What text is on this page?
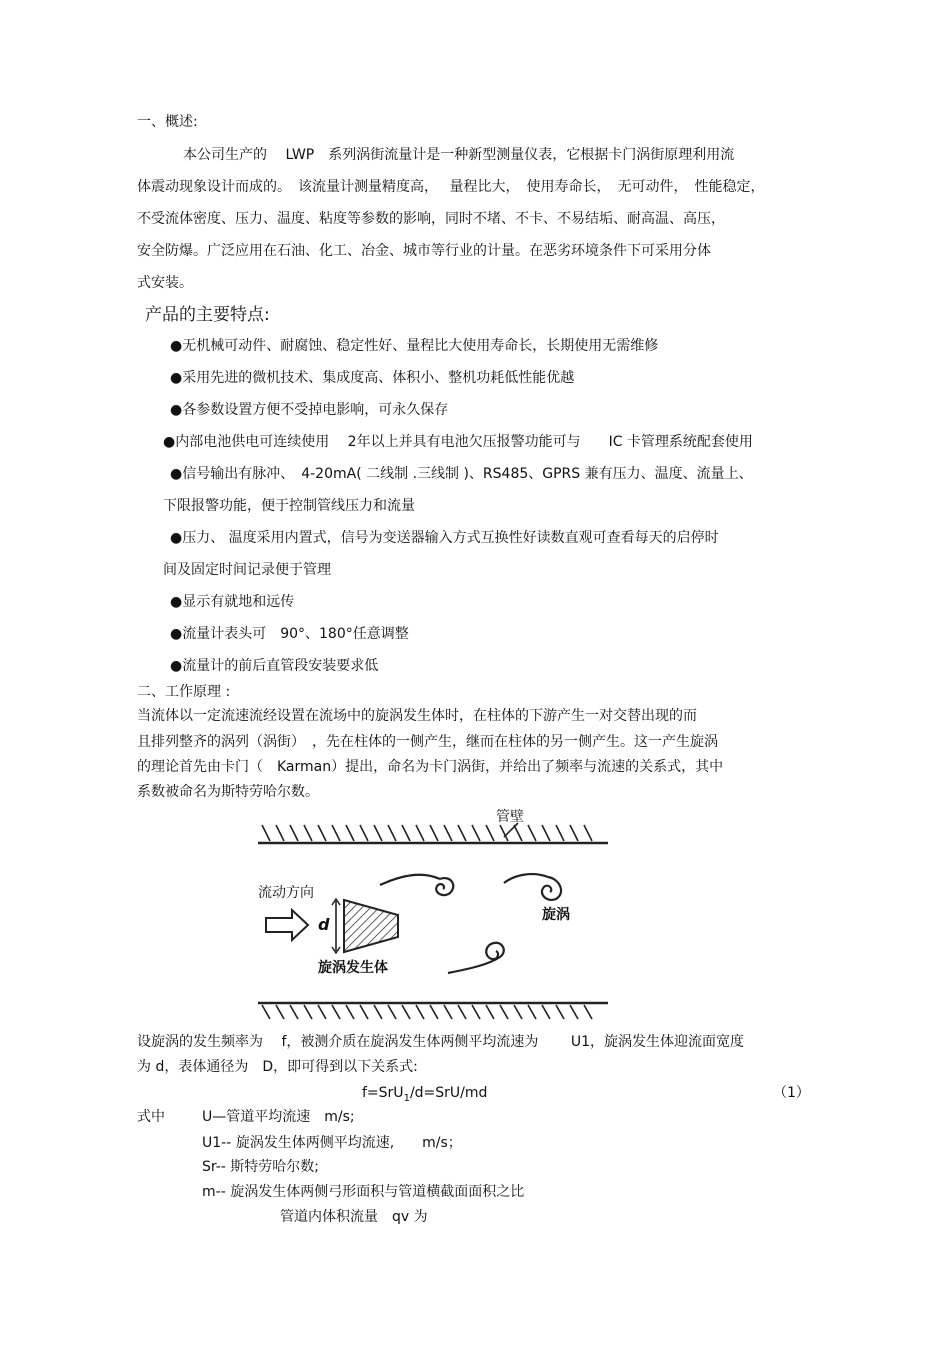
一、概述:
本公司生产的　 LWP　系列涡街流量计是一种新型测量仪表，它根据卡门涡街原理利用流
体震动现象设计而成的。　该流量计测量精度高，　 量程比大，　使用寿命长，　无可动件，　性能稳定，
不受流体密度、压力、温度、粘度等参数的影响，同时不堵、不卡、不易结垢、耐高温、高压，
安全防爆。广泛应用在石油、化工、冶金、城市等行业的计量。在恶劣环境条件下可采用分体
式安装。
产品的主要特点:
●无机械可动件、耐腐蚀、稳定性好、量程比大使用寿命长，长期使用无需维修
●采用先进的微机技术、集成度高、体积小、整机功耗低性能优越
●各参数设置方便不受掉电影响，可永久保存
●内部电池供电可连续使用　 2年以上并具有电池欠压报警功能可与　　IC 卡管理系统配套使用
●信号输出有脉冲、　4-20mA( 二线制 .三线制 )、RS485、GPRS 兼有压力、温度、流量上、
下限报警功能，便于控制管线压力和流量
●压力、 温度采用内置式，信号为变送器输入方式互换性好读数直观可查看每天的启停时
间及固定时间记录便于管理
●显示有就地和远传
●流量计表头可　90°、180°任意调整
●流量计的前后直管段安装要求低
二、工作原理 :
当流体以一定流速流经设置在流场中的旋涡发生体时，在柱体的下游产生一对交替出现的而
且排列整齐的涡列（涡街）　，先在柱体的一侧产生，继而在柱体的另一侧产生。这一产生旋涡
的理论首先由卡门（　Karman）提出，命名为卡门涡街，并给出了频率与流速的关系式，其中
系数被命名为斯特劳哈尔数。
管壁
流动方向
d
旋涡发生体
旋涡
设旋涡的发生频率为　 f，被测介质在旋涡发生体两侧平均流速为　　 U1，旋涡发生体迎流面宽度
为 d，表体通径为　D，即可得到以下关系式:
f=SrU$_1$/d=SrU/md	（1）
式中	U—管道平均流速　m/s;
U1-- 旋涡发生体两侧平均流速,　　m/s；
Sr-- 斯特劳哈尔数;
m-- 旋涡发生体两侧弓形面积与管道横截面面积之比
管道内体积流量　qv 为
